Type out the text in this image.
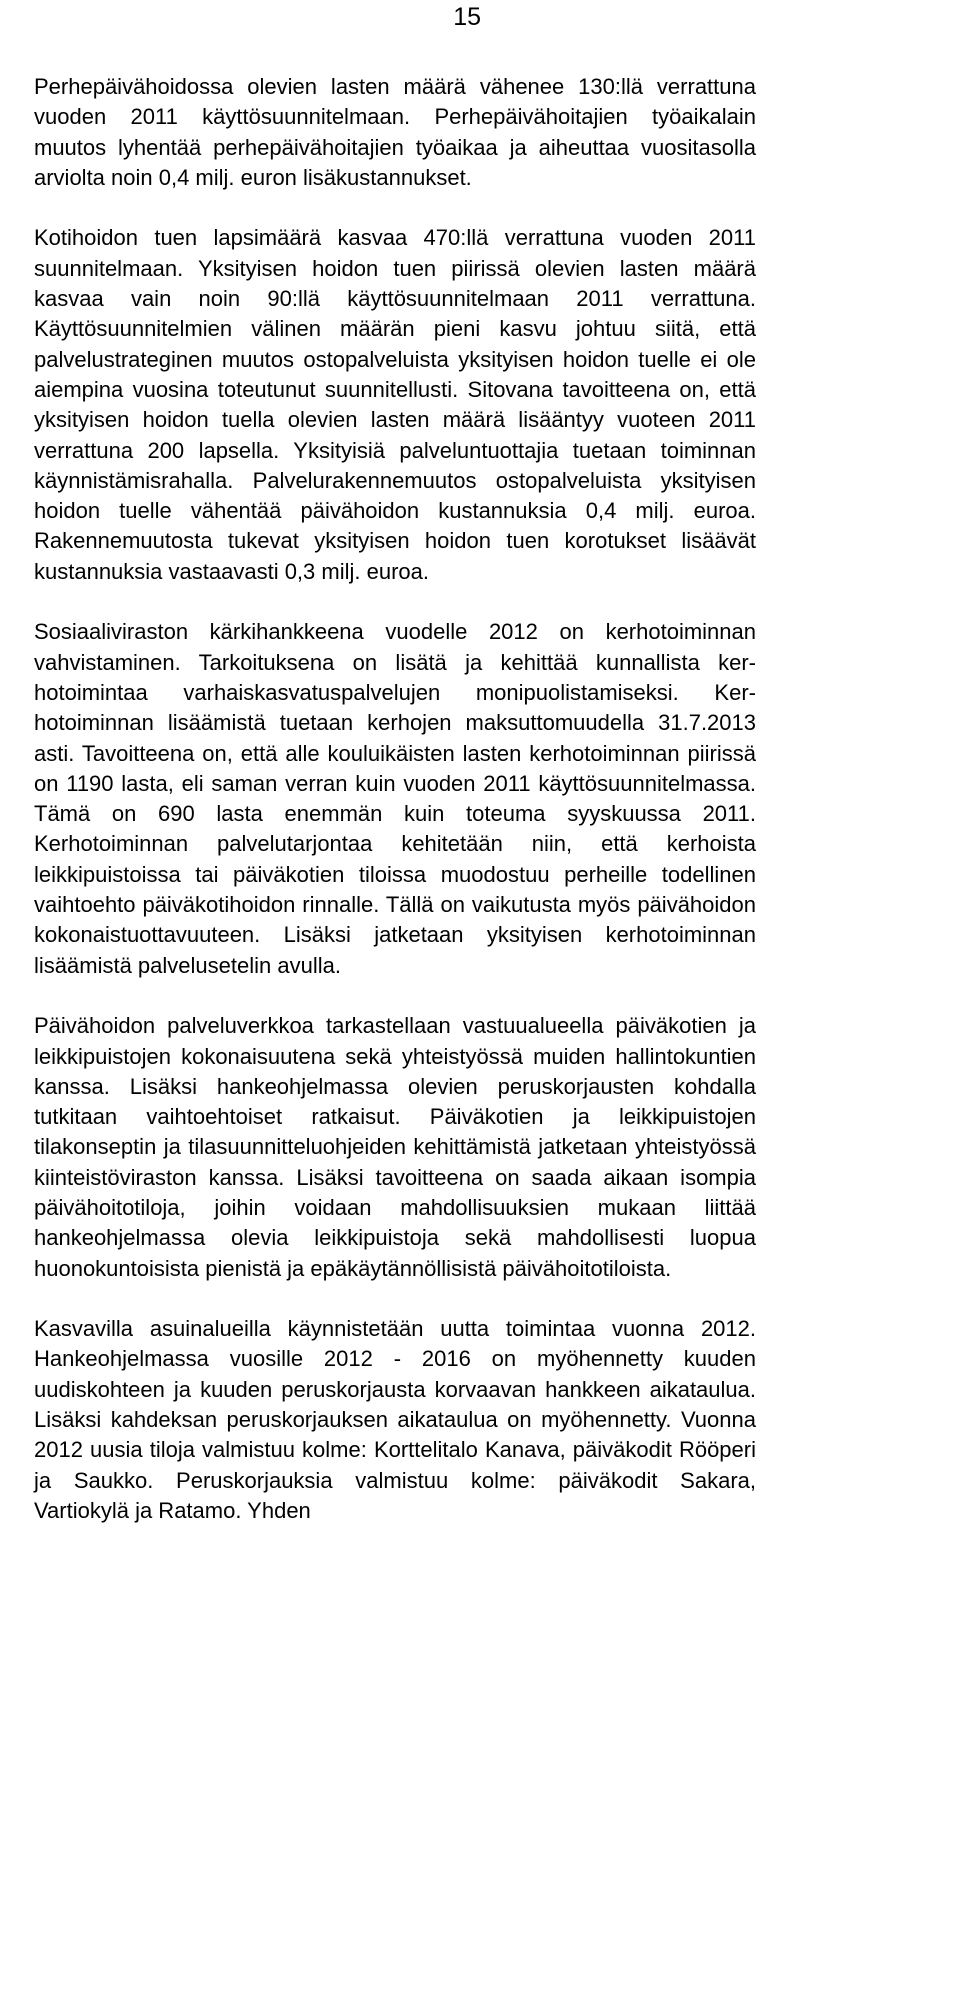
15

Perhepäivähoidossa olevien lasten määrä vähenee 130:llä verrattuna vuoden 2011 käyttösuunnitelmaan. Perhepäivähoitajien työaikalain muutos lyhentää perhepäivähoitajien työaikaa ja aiheuttaa vuositasolla arviolta noin 0,4 milj. euron lisäkustannukset.

Kotihoidon tuen lapsimäärä kasvaa 470:llä verrattuna vuoden 2011 suunnitelmaan. Yksityisen hoidon tuen piirissä olevien lasten määrä kasvaa vain noin 90:llä käyttösuunnitelmaan 2011 verrattuna. Käyttösuunnitelmien välinen määrän pieni kasvu johtuu siitä, että palvelustrateginen muutos ostopalveluista yksityisen hoidon tuelle ei ole aiempina vuosina toteutunut suunnitellusti. Sitovana tavoitteena on, että yksityisen hoidon tuella olevien lasten määrä lisääntyy vuoteen 2011 verrattuna 200 lapsella. Yksityisiä palveluntuottajia tuetaan toiminnan käynnistämisrahalla. Palvelurakennemuutos ostopalveluista yksityisen hoidon tuelle vähentää päivähoidon kustannuksia 0,4 milj. euroa. Rakennemuutosta tukevat yksityisen hoidon tuen korotukset lisäävät kustannuksia vastaavasti 0,3 milj. euroa.

Sosiaaliviraston kärkihankkeena vuodelle 2012 on kerhotoiminnan vahvistaminen. Tarkoituksena on lisätä ja kehittää kunnallista kerhotoimintaa varhaiskasvatuspalvelujen monipuolistamiseksi. Kerhotoiminnan lisäämistä tuetaan kerhojen maksuttomuudella 31.7.2013 asti. Tavoitteena on, että alle kouluikäisten lasten kerhotoiminnan piirissä on 1190 lasta, eli saman verran kuin vuoden 2011 käyttösuunnitelmassa. Tämä on 690 lasta enemmän kuin toteuma syyskuussa 2011. Kerhotoiminnan palvelutarjontaa kehitetään niin, että kerhoista leikkipuistoissa tai päiväkotien tiloissa muodostuu perheille todellinen vaihtoehto päiväkotihoidon rinnalle. Tällä on vaikutusta myös päivähoidon kokonaistuottavuuteen. Lisäksi jatketaan yksityisen kerhotoiminnan lisäämistä palvelusetelin avulla.

Päivähoidon palveluverkkoa tarkastellaan vastuualueella päiväkotien ja leikkipuistojen kokonaisuutena sekä yhteistyössä muiden hallintokuntien kanssa. Lisäksi hankeohjelmassa olevien peruskorjausten kohdalla tutkitaan vaihtoehtoiset ratkaisut. Päiväkotien ja leikkipuistojen tilakonseptin ja tilasuunnitteluohjeiden kehittämistä jatketaan yhteistyössä kiinteistöviraston kanssa. Lisäksi tavoitteena on saada aikaan isompia päivähoitotiloja, joihin voidaan mahdollisuuksien mukaan liittää hankeohjelmassa olevia leikkipuistoja sekä mahdollisesti luopua huonokuntoisista pienistä ja epäkäytännöllisistä päivähoitotiloista.

Kasvavilla asuinalueilla käynnistetään uutta toimintaa vuonna 2012. Hankeohjelmassa vuosille 2012 - 2016 on myöhennetty kuuden uudiskohteen ja kuuden peruskorjausta korvaavan hankkeen aikataulua. Lisäksi kahdeksan peruskorjauksen aikataulua on myöhennetty. Vuonna 2012 uusia tiloja valmistuu kolme: Korttelitalo Kanava, päiväkodit Rööperi ja Saukko. Peruskorjauksia valmistuu kolme: päiväkodit Sakara, Vartiokylä ja Ratamo. Yhden
